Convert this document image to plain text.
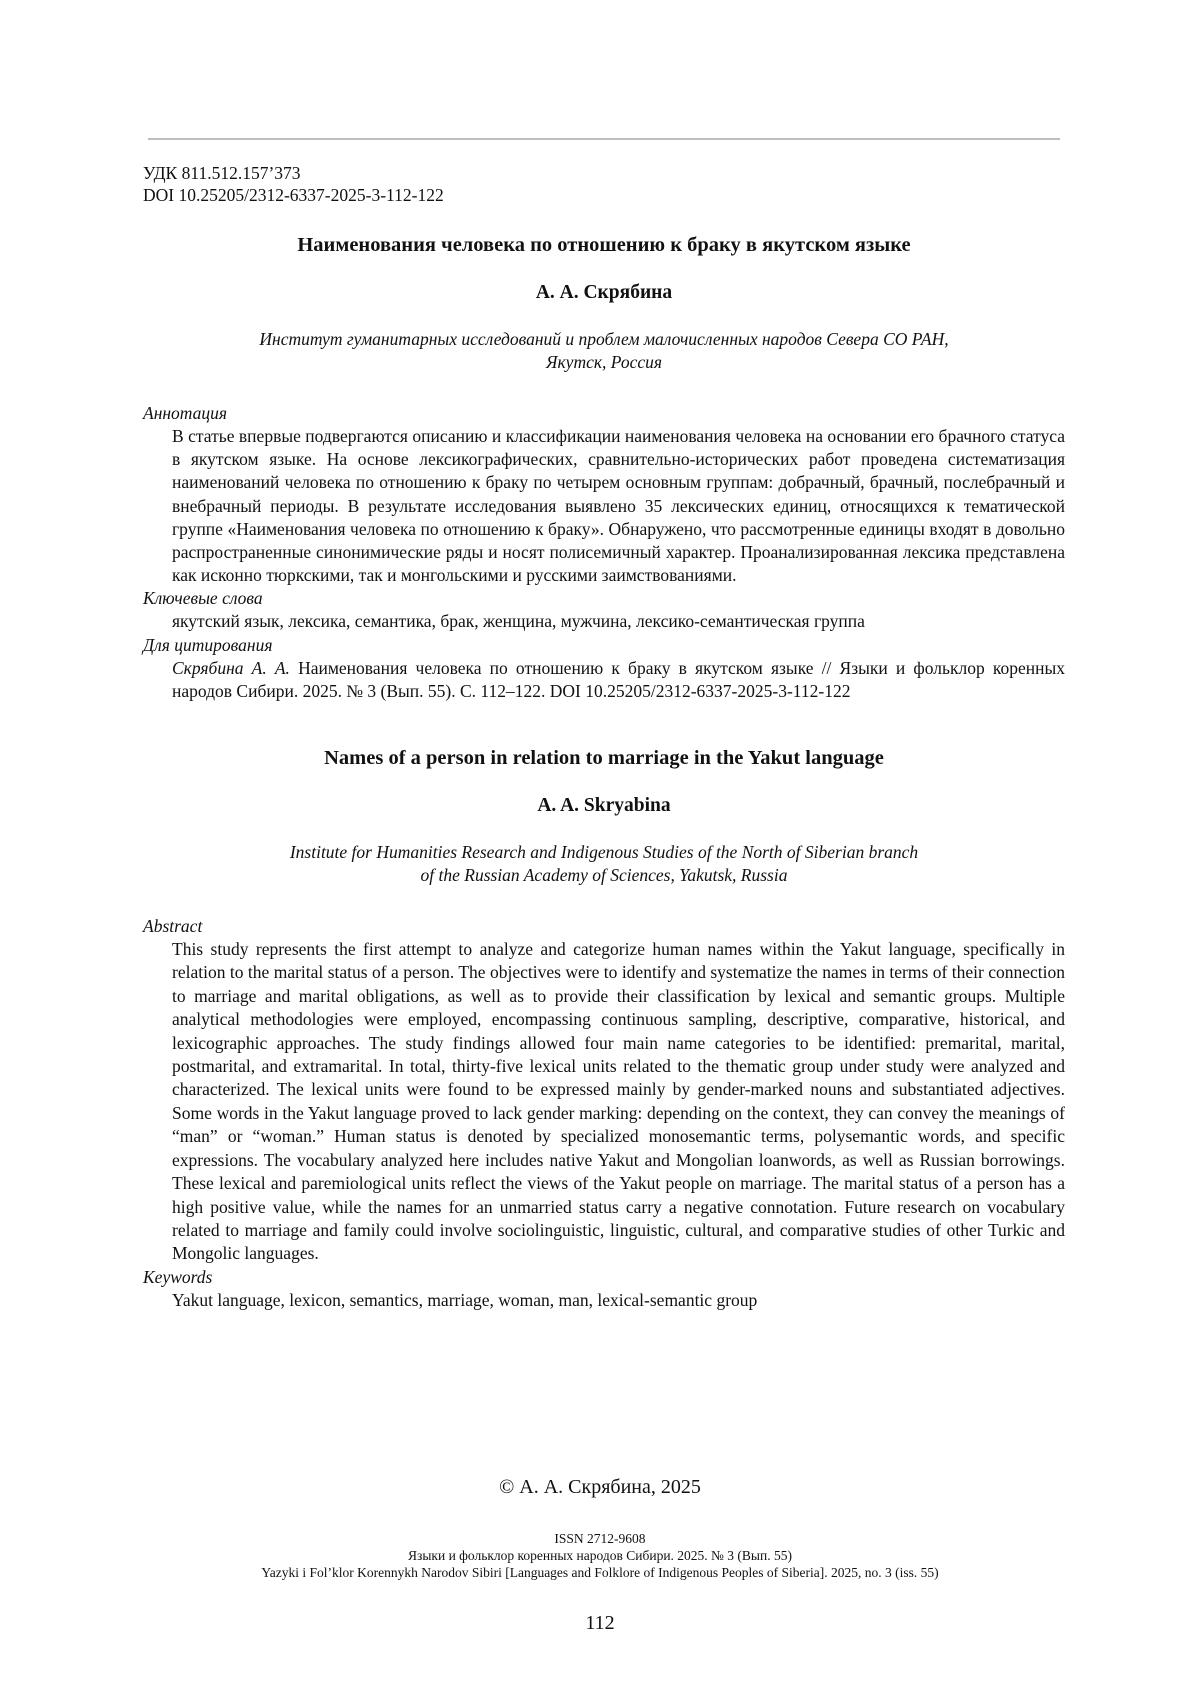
УДК 811.512.157’373
DOI 10.25205/2312-6337-2025-3-112-122
Наименования человека по отношению к браку в якутском языке
А. А. Скрябина
Институт гуманитарных исследований и проблем малочисленных народов Севера СО РАН,
Якутск, Россия
Аннотация
В статье впервые подвергаются описанию и классификации наименования человека на основании его брачного статуса в якутском языке. На основе лексикографических, сравнительно-исторических работ проведена систематизация наименований человека по отношению к браку по четырем основным группам: добрачный, брачный, послебрачный и внебрачный периоды. В результате исследования выявлено 35 лексических единиц, относящихся к тематической группе «Наименования человека по отношению к браку». Обнаружено, что рассмотренные единицы входят в довольно распространенные синонимические ряды и носят полисемичный характер. Проанализированная лексика представлена как исконно тюркскими, так и монгольскими и русскими заимствованиями.
Ключевые слова
якутский язык, лексика, семантика, брак, женщина, мужчина, лексико-семантическая группа
Для цитирования
Скрябина А. А. Наименования человека по отношению к браку в якутском языке // Языки и фольклор коренных народов Сибири. 2025. № 3 (Вып. 55). С. 112–122. DOI 10.25205/2312-6337-2025-3-112-122
Names of a person in relation to marriage in the Yakut language
A. A. Skryabina
Institute for Humanities Research and Indigenous Studies of the North of Siberian branch
of the Russian Academy of Sciences, Yakutsk, Russia
Abstract
This study represents the first attempt to analyze and categorize human names within the Yakut language, specifically in relation to the marital status of a person. The objectives were to identify and systematize the names in terms of their connection to marriage and marital obligations, as well as to provide their classification by lexical and semantic groups. Multiple analytical methodologies were employed, encompassing continuous sampling, descriptive, comparative, historical, and lexicographic approaches. The study findings allowed four main name categories to be identified: premarital, marital, postmarital, and extramarital. In total, thirty-five lexical units related to the thematic group under study were analyzed and characterized. The lexical units were found to be expressed mainly by gender-marked nouns and substantiated adjectives. Some words in the Yakut language proved to lack gender marking: depending on the context, they can convey the meanings of “man” or “woman.” Human status is denoted by specialized monosemantic terms, polysemantic words, and specific expressions. The vocabulary analyzed here includes native Yakut and Mongolian loanwords, as well as Russian borrowings. These lexical and paremiological units reflect the views of the Yakut people on marriage. The marital status of a person has a high positive value, while the names for an unmarried status carry a negative connotation. Future research on vocabulary related to marriage and family could involve sociolinguistic, linguistic, cultural, and comparative studies of other Turkic and Mongolic languages.
Keywords
Yakut language, lexicon, semantics, marriage, woman, man, lexical-semantic group
© А. А. Скрябина, 2025
ISSN 2712-9608
Языки и фольклор коренных народов Сибири. 2025. № 3 (Вып. 55)
Yazyki i Fol’klor Korennykh Narodov Sibiri [Languages and Folklore of Indigenous Peoples of Siberia]. 2025, no. 3 (iss. 55)
112
